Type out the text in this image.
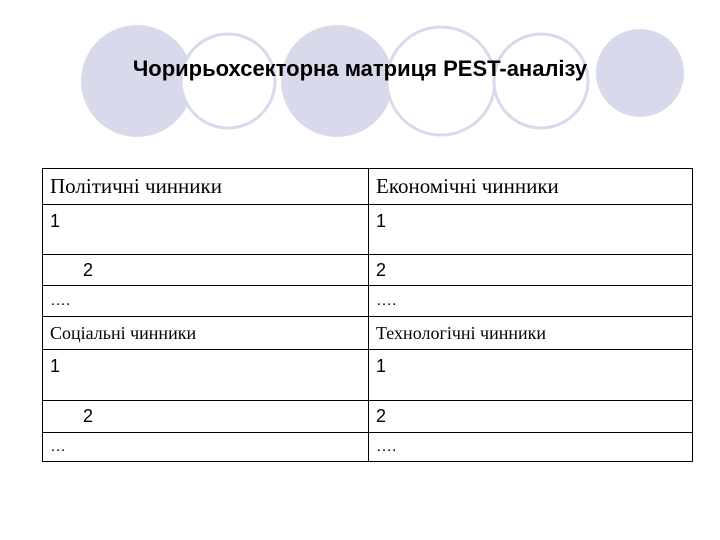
Чорирьохсекторна матриця PEST-аналізу
Політичні чинники	Економічні чинники
1	1
2	2
….	….
Соціальні чинники	Технологічні чинники
1	1
2	2
…	….
